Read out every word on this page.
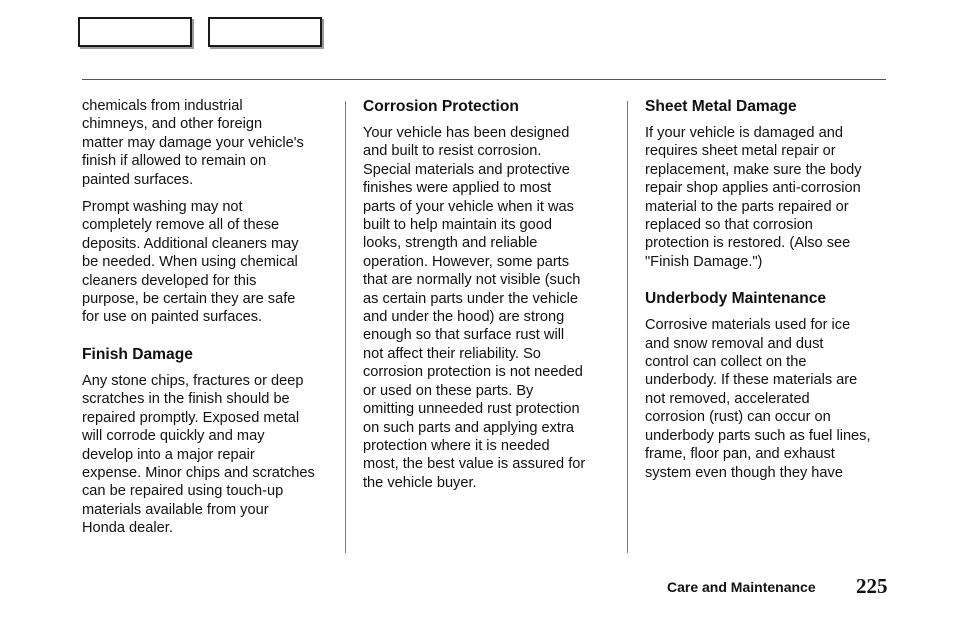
chemicals from industrial
chimneys, and other foreign
matter may damage your vehicle's
finish if allowed to remain on
painted surfaces.

Prompt washing may not
completely remove all of these
deposits. Additional cleaners may
be needed. When using chemical
cleaners developed for this
purpose, be certain they are safe
for use on painted surfaces.

Finish Damage

Any stone chips, fractures or deep
scratches in the finish should be
repaired promptly. Exposed metal
will corrode quickly and may
develop into a major repair
expense. Minor chips and scratches
can be repaired using touch-up
materials available from your
Honda dealer.

Corrosion Protection

Your vehicle has been designed
and built to resist corrosion.
Special materials and protective
finishes were applied to most
parts of your vehicle when it was
built to help maintain its good
looks, strength and reliable
operation. However, some parts
that are normally not visible (such
as certain parts under the vehicle
and under the hood) are strong
enough so that surface rust will
not affect their reliability. So
corrosion protection is not needed
or used on these parts. By
omitting unneeded rust protection
on such parts and applying extra
protection where it is needed
most, the best value is assured for
the vehicle buyer.

Sheet Metal Damage

If your vehicle is damaged and
requires sheet metal repair or
replacement, make sure the body
repair shop applies anti-corrosion
material to the parts repaired or
replaced so that corrosion
protection is restored. (Also see
"Finish Damage.")

Underbody Maintenance

Corrosive materials used for ice
and snow removal and dust
control can collect on the
underbody. If these materials are
not removed, accelerated
corrosion (rust) can occur on
underbody parts such as fuel lines,
frame, floor pan, and exhaust
system even though they have

Care and Maintenance 225
